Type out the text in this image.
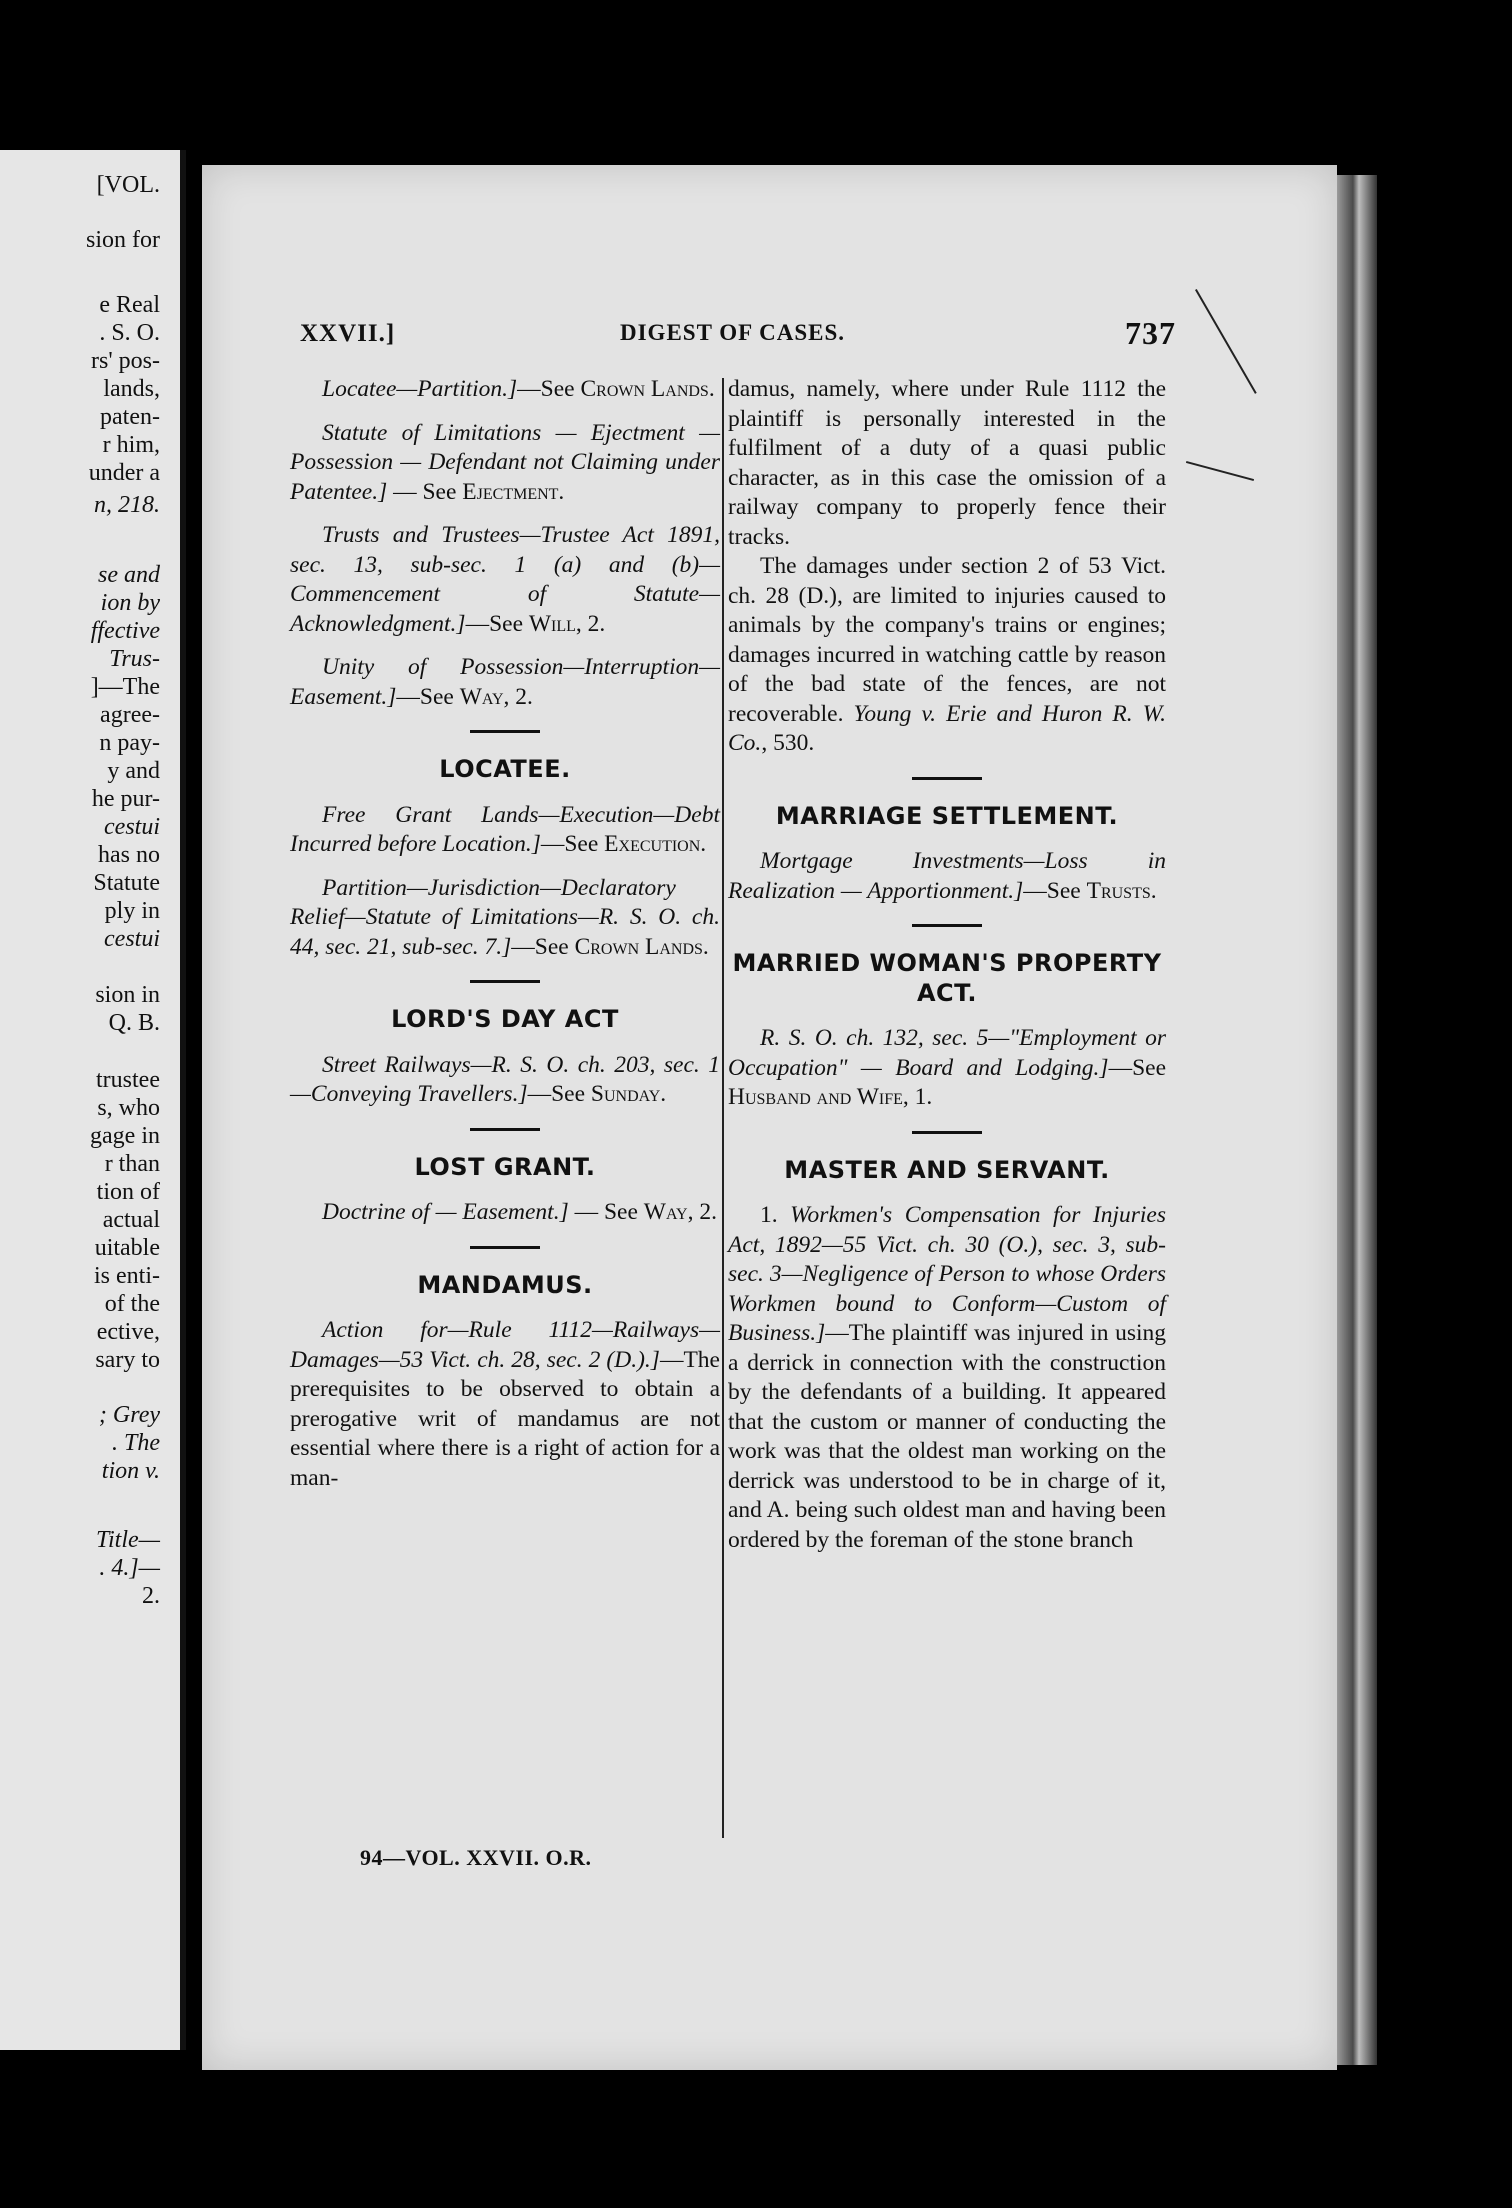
[VOL.
sion for
e Real
. S. O.
rs' pos-
lands,
paten-
r him,
under a
n, 218.
se and
ion by
ffective
Trus-
]—The
agree-
n pay-
y and
he pur-
cestui
has no
Statute
ply in
cestui
sion in
Q. B.
trustee
s, who
gage in
r than
tion of
actual
uitable
is enti-
of the
ective,
sary to
; Grey
. The
tion v.
Title—
. 4.]—
2.
XXVII.]	DIGEST OF CASES.	737
Locatee—Partition.]—See Crown Lands.
Statute of Limitations — Ejectment — Possession — Defendant not Claiming under Patentee.] — See Ejectment.
Trusts and Trustees—Trustee Act 1891, sec. 13, sub-sec. 1 (a) and (b)—Commencement of Statute—Acknowledgment.]—See Will, 2.
Unity of Possession—Interruption—Easement.]—See Way, 2.
LOCATEE.
Free Grant Lands—Execution—Debt Incurred before Location.]—See Execution.
Partition—Jurisdiction—Declaratory Relief—Statute of Limitations—R. S. O. ch. 44, sec. 21, sub-sec. 7.]—See Crown Lands.
LORD'S DAY ACT
Street Railways—R. S. O. ch. 203, sec. 1—Conveying Travellers.]—See Sunday.
LOST GRANT.
Doctrine of — Easement.] — See Way, 2.
MANDAMUS.
Action for—Rule 1112—Railways—Damages—53 Vict. ch. 28, sec. 2 (D.).]—The prerequisites to be observed to obtain a prerogative writ of mandamus are not essential where there is a right of action for a man-
damus, namely, where under Rule 1112 the plaintiff is personally interested in the fulfilment of a duty of a quasi public character, as in this case the omission of a railway company to properly fence their tracks.
The damages under section 2 of 53 Vict. ch. 28 (D.), are limited to injuries caused to animals by the company's trains or engines; damages incurred in watching cattle by reason of the bad state of the fences, are not recoverable. Young v. Erie and Huron R. W. Co., 530.
MARRIAGE SETTLEMENT.
Mortgage Investments—Loss in Realization — Apportionment.]—See Trusts.
MARRIED WOMAN'S PROPERTY ACT.
R. S. O. ch. 132, sec. 5—"Employment or Occupation" — Board and Lodging.]—See Husband and Wife, 1.
MASTER AND SERVANT.
1. Workmen's Compensation for Injuries Act, 1892—55 Vict. ch. 30 (O.), sec. 3, sub-sec. 3—Negligence of Person to whose Orders Workmen bound to Conform—Custom of Business.]—The plaintiff was injured in using a derrick in connection with the construction by the defendants of a building. It appeared that the custom or manner of conducting the work was that the oldest man working on the derrick was understood to be in charge of it, and A. being such oldest man and having been ordered by the foreman of the stone branch
94—VOL. XXVII. O.R.
